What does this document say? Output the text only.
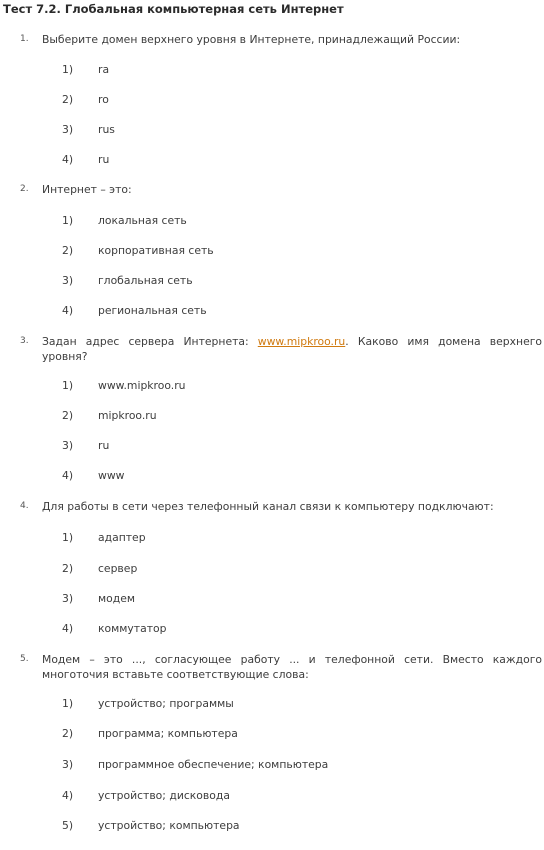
Тест 7.2. Глобальная компьютерная сеть Интернет
1.	Выберите домен верхнего уровня в Интернете, принадлежащий России:
1) ra
2) ro
3) rus
4) ru
2.	Интернет – это:
1) локальная сеть
2) корпоративная сеть
3) глобальная сеть
4) региональная сеть
3.	Задан адрес сервера Интернета: www.mipkroo.ru. Каково имя домена верхнего уровня?
1) www.mipkroo.ru
2) mipkroo.ru
3) ru
4) www
4.	Для работы в сети через телефонный канал связи к компьютеру подключают:
1) адаптер
2) сервер
3) модем
4) коммутатор
5.	Модем – это ..., согласующее работу ... и телефонной сети. Вместо каждого многоточия вставьте соответствующие слова:
1) устройство; программы
2) программа; компьютера
3) программное обеспечение; компьютера
4) устройство; дисковода
5) устройство; компьютера
